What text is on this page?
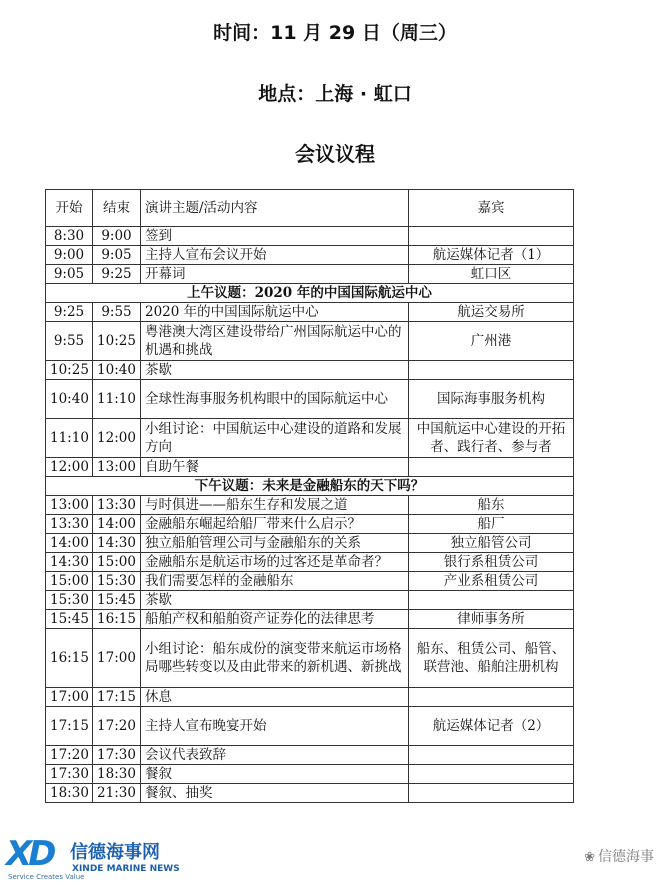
时间：11 月 29 日（周三）
地点：上海 · 虹口
会议议程
开始	结束	演讲主题/活动内容	嘉宾
8:30	9:00	签到	
9:00	9:05	主持人宣布会议开始	航运媒体记者（1）
9:05	9:25	开幕词	虹口区
上午议题：2020 年的中国国际航运中心			
9:25	9:55	2020 年的中国国际航运中心	航运交易所
9:55	10:25	粤港澳大湾区建设带给广州国际航运中心的机遇和挑战	广州港
10:25	10:40	茶歇	
10:40	11:10	全球性海事服务机构眼中的国际航运中心	国际海事服务机构
11:10	12:00	小组讨论：中国航运中心建设的道路和发展方向	中国航运中心建设的开拓者、践行者、参与者
12:00	13:00	自助午餐	
下午议题：未来是金融船东的天下吗？			
13:00	13:30	与时俱进——船东生存和发展之道	船东
13:30	14:00	金融船东崛起给船厂带来什么启示？	船厂
14:00	14:30	独立船舶管理公司与金融船东的关系	独立船管公司
14:30	15:00	金融船东是航运市场的过客还是革命者？	银行系租赁公司
15:00	15:30	我们需要怎样的金融船东	产业系租赁公司
15:30	15:45	茶歇	
15:45	16:15	船舶产权和船舶资产证券化的法律思考	律师事务所
16:15	17:00	小组讨论：船东成份的演变带来航运市场格局哪些转变以及由此带来的新机遇、新挑战	船东、租赁公司、船管、联营池、船舶注册机构
17:00	17:15	休息	
17:15	17:20	主持人宣布晚宴开始	航运媒体记者（2）
17:20	17:30	会议代表致辞	
17:30	18:30	餐叙	
18:30	21:30	餐叙、抽奖	
XD
Service Creates Value
信德海事网
XINDE MARINE NEWS
❀ 信德海事
